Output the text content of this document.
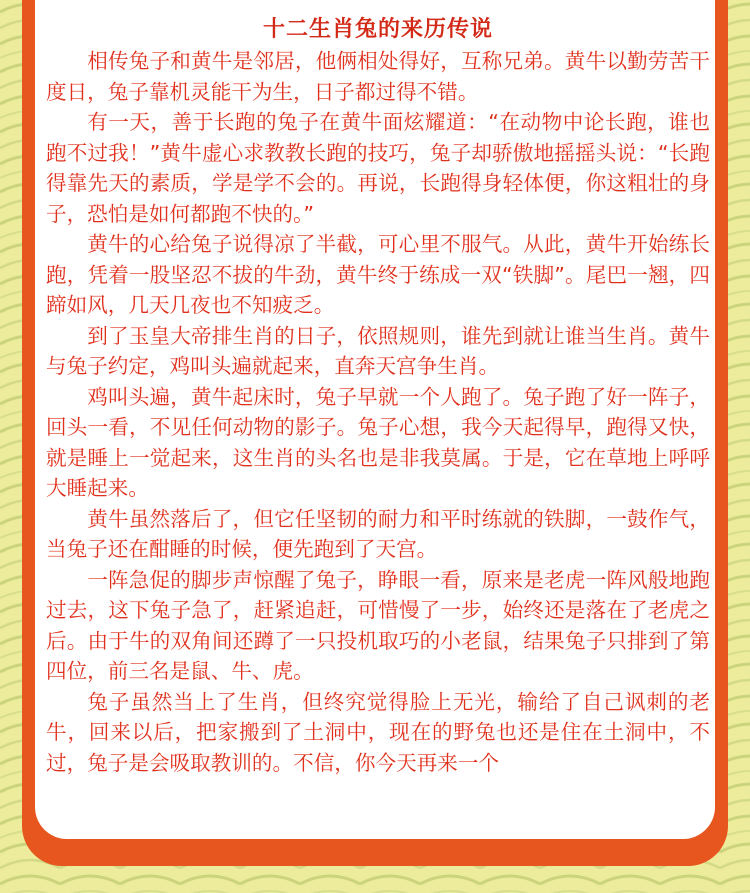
十二生肖兔的来历传说

相传兔子和黄牛是邻居，他俩相处得好，互称兄弟。黄牛以勤劳苦干度日，兔子靠机灵能干为生，日子都过得不错。

有一天，善于长跑的兔子在黄牛面炫耀道：“在动物中论长跑，谁也跑不过我！”黄牛虚心求教教长跑的技巧，兔子却骄傲地摇摇头说：“长跑得靠先天的素质，学是学不会的。再说，长跑得身轻体便，你这粗壮的身子，恐怕是如何都跑不快的。”

黄牛的心给兔子说得凉了半截，可心里不服气。从此，黄牛开始练长跑，凭着一股坚忍不拔的牛劲，黄牛终于练成一双“铁脚”。尾巴一翘，四蹄如风，几天几夜也不知疲乏。

到了玉皇大帝排生肖的日子，依照规则，谁先到就让谁当生肖。黄牛与兔子约定，鸡叫头遍就起来，直奔天宫争生肖。

鸡叫头遍，黄牛起床时，兔子早就一个人跑了。兔子跑了好一阵子，回头一看，不见任何动物的影子。兔子心想，我今天起得早，跑得又快，就是睡上一觉起来，这生肖的头名也是非我莫属。于是，它在草地上呼呼大睡起来。

黄牛虽然落后了，但它任坚韧的耐力和平时练就的铁脚，一鼓作气，当兔子还在酣睡的时候，便先跑到了天宫。

一阵急促的脚步声惊醒了兔子，睁眼一看，原来是老虎一阵风般地跑过去，这下兔子急了，赶紧追赶，可惜慢了一步，始终还是落在了老虎之后。由于牛的双角间还蹲了一只投机取巧的小老鼠，结果兔子只排到了第四位，前三名是鼠、牛、虎。

兔子虽然当上了生肖，但终究觉得脸上无光，输给了自己讽刺的老牛，回来以后，把家搬到了土洞中，现在的野兔也还是住在土洞中，不过，兔子是会吸取教训的。不信，你今天再来一个
